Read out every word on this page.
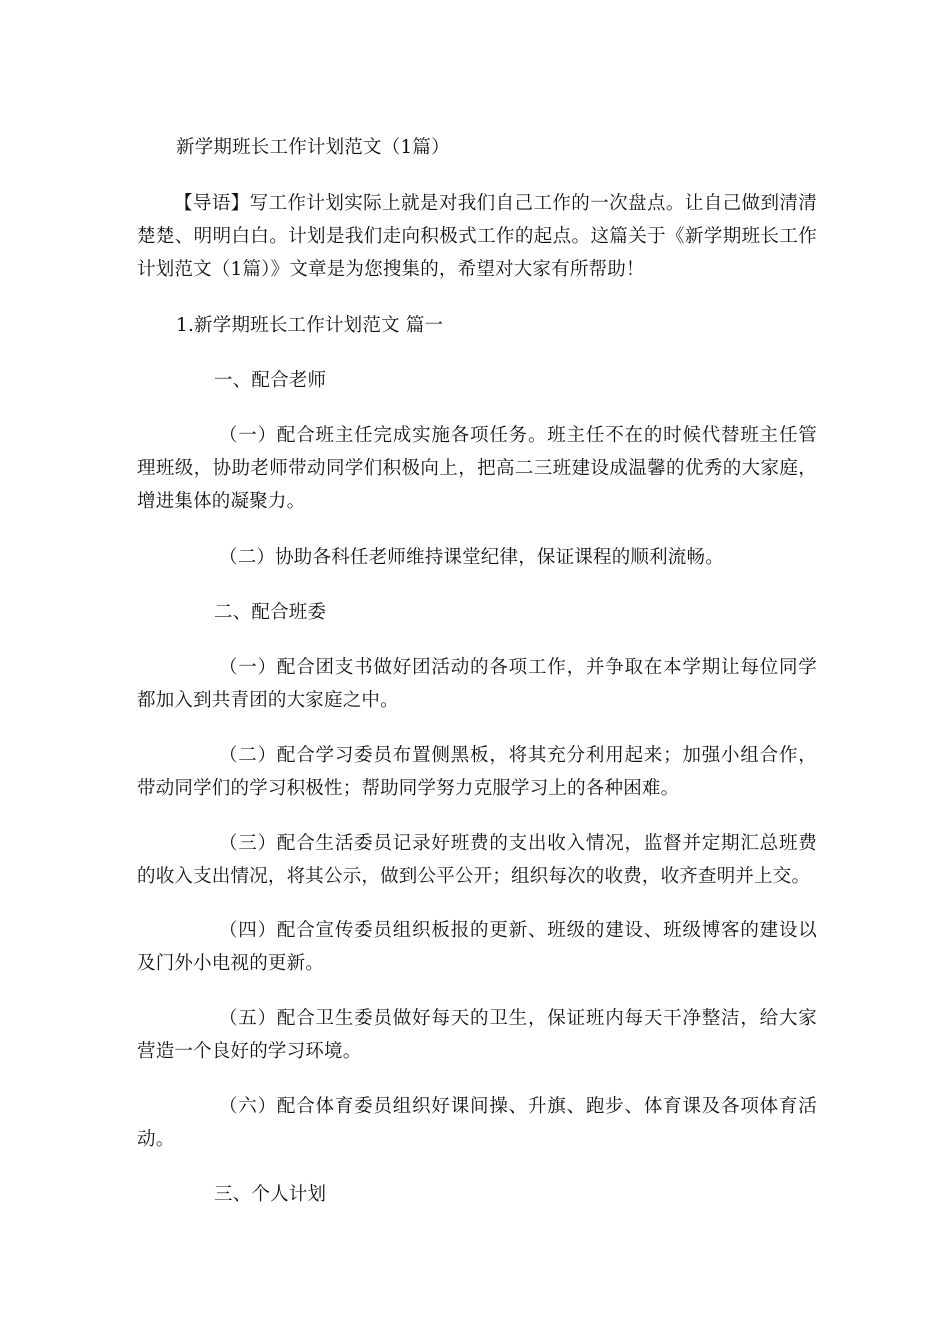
新学期班长工作计划范文（1篇）

【导语】写工作计划实际上就是对我们自己工作的一次盘点。让自己做到清清楚楚、明明白白。计划是我们走向积极式工作的起点。这篇关于《新学期班长工作计划范文（1篇）》文章是为您搜集的，希望对大家有所帮助！

1.新学期班长工作计划范文 篇一

一、配合老师

（一）配合班主任完成实施各项任务。班主任不在的时候代替班主任管理班级，协助老师带动同学们积极向上，把高二三班建设成温馨的优秀的大家庭，增进集体的凝聚力。

（二）协助各科任老师维持课堂纪律，保证课程的顺利流畅。

二、配合班委

（一）配合团支书做好团活动的各项工作，并争取在本学期让每位同学都加入到共青团的大家庭之中。

（二）配合学习委员布置侧黑板，将其充分利用起来；加强小组合作，带动同学们的学习积极性；帮助同学努力克服学习上的各种困难。

（三）配合生活委员记录好班费的支出收入情况，监督并定期汇总班费的收入支出情况，将其公示，做到公平公开；组织每次的收费，收齐查明并上交。

（四）配合宣传委员组织板报的更新、班级的建设、班级博客的建设以及门外小电视的更新。

（五）配合卫生委员做好每天的卫生，保证班内每天干净整洁，给大家营造一个良好的学习环境。

（六）配合体育委员组织好课间操、升旗、跑步、体育课及各项体育活动。

三、个人计划
